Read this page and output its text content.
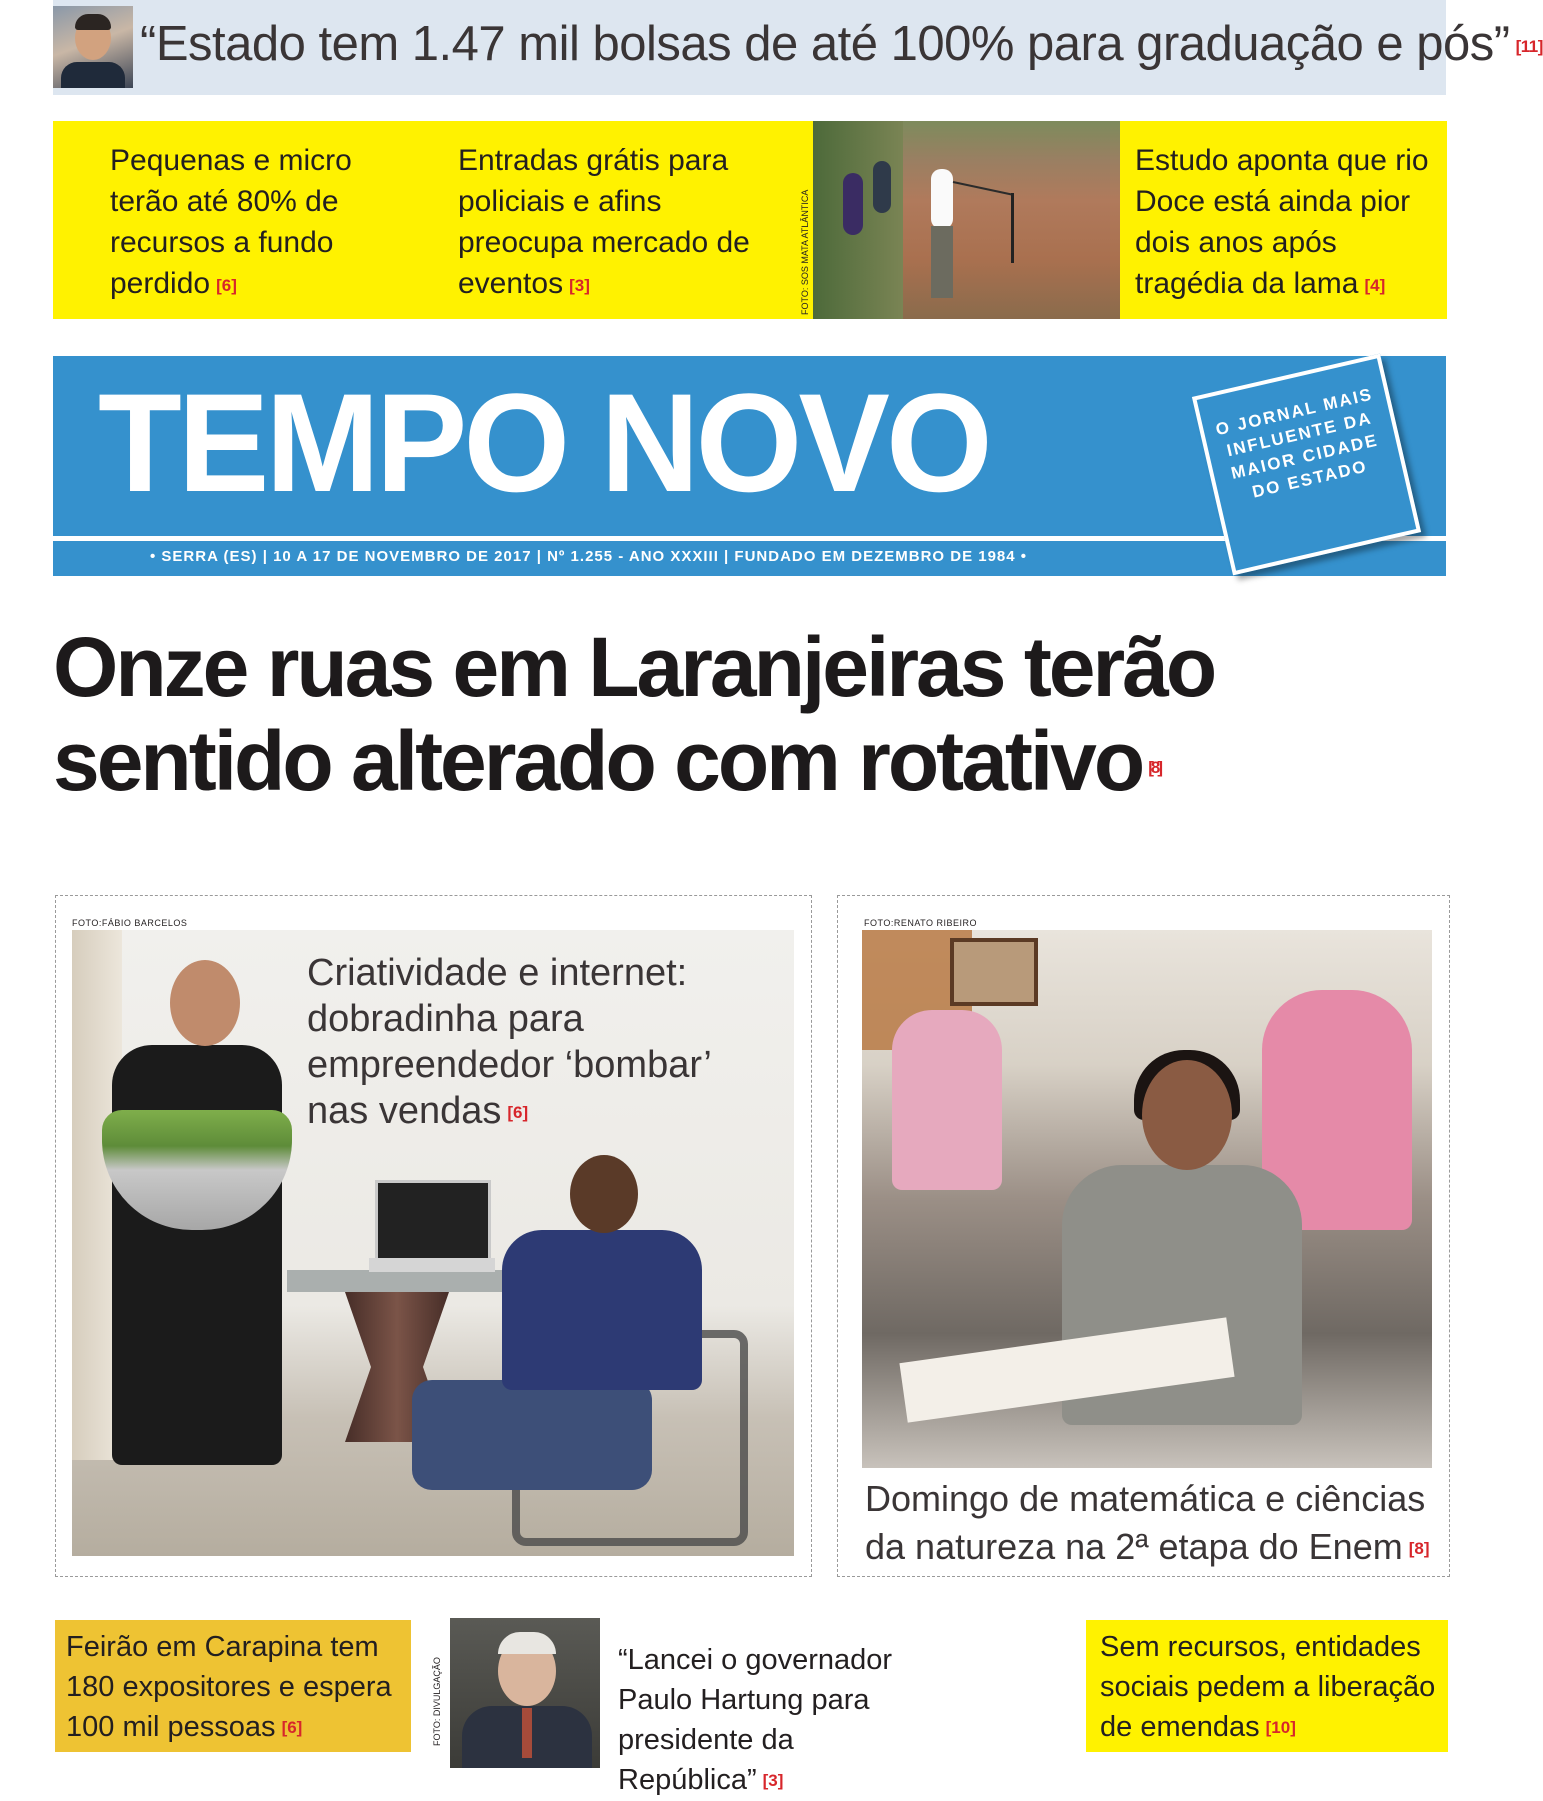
“Estado tem 1.47 mil bolsas de até 100% para graduação e pós” [11]
Pequenas e micro terão até 80% de recursos a fundo perdido [6]
Entradas grátis para policiais e afins preocupa mercado de eventos [3]	FOTO: SOS MATA ATLÂNTICA
Estudo aponta que rio Doce está ainda pior dois anos após tragédia da lama [4]
TEMPO NOVO	O JORNAL MAIS INFLUENTE DA MAIOR CIDADE DO ESTADO
• SERRA (ES) | 10 A 17 DE NOVEMBRO DE 2017 | Nº 1.255 - ANO XXXIII | FUNDADO EM DEZEMBRO DE 1984 •
Onze ruas em Laranjeiras terão sentido alterado com rotativo [8]
FOTO:FÁBIO BARCELOS
Criatividade e internet: dobradinha para empreendedor ‘bombar’ nas vendas [6]
FOTO:RENATO RIBEIRO
Domingo de matemática e ciências da natureza na 2ª etapa do Enem [8]
Feirão em Carapina tem 180 expositores e espera 100 mil pessoas [6]	FOTO: DIVULGAÇÃO	“Lancei o governador Paulo Hartung para presidente da República” [3]
Sem recursos, entidades sociais pedem a liberação de emendas [10]
